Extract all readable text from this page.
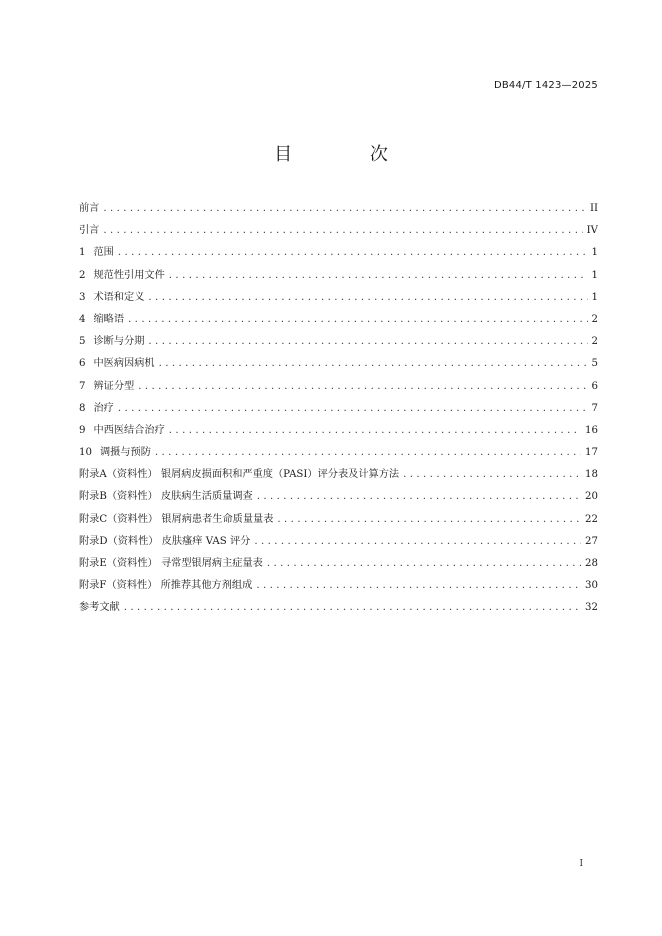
DB44/T 1423—2025
目 次
前言 .....	II
引言 .....	IV
1 范围 .....	1
2 规范性引用文件 .....	1
3 术语和定义 .....	1
4 缩略语 .....	2
5 诊断与分期 .....	2
6 中医病因病机 .....	5
7 辨证分型 .....	6
8 治疗 .....	7
9 中西医结合治疗 .....	16
10 调摄与预防 .....	17
附录A（资料性） 银屑病皮损面积和严重度（PASI）评分表及计算方法 .....	18
附录B（资料性） 皮肤病生活质量调查 .....	20
附录C（资料性） 银屑病患者生命质量量表 .....	22
附录D（资料性） 皮肤瘙痒 VAS 评分 .....	27
附录E（资料性） 寻常型银屑病主症量表 .....	28
附录F（资料性） 所推荐其他方剂组成 .....	30
参考文献 .....	32
I
